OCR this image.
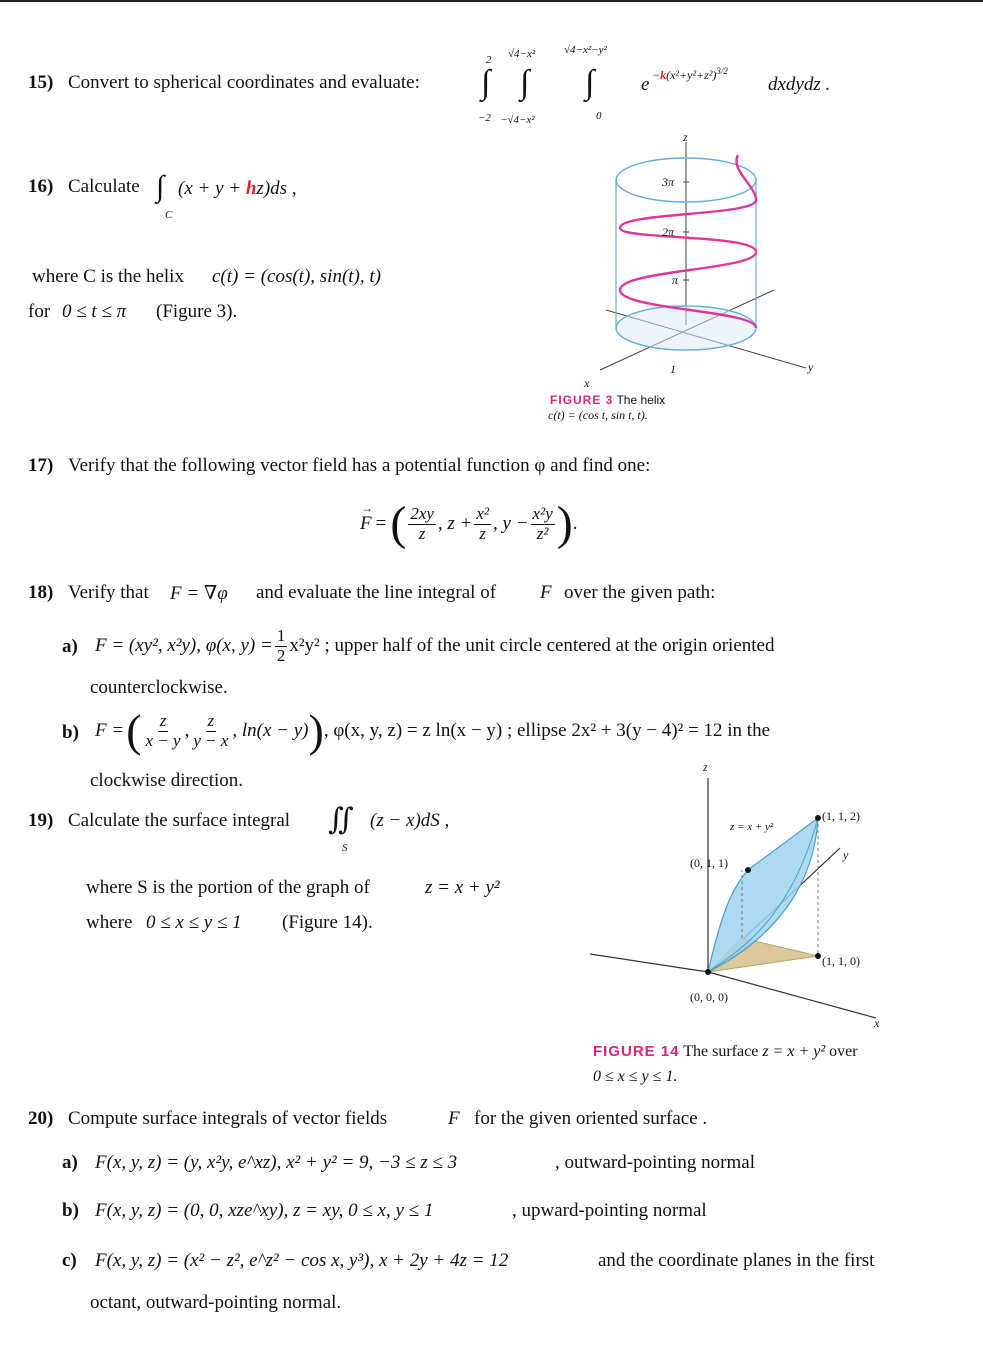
15) Convert to spherical coordinates and evaluate: ∫ ∫ ∫
2
−2
√4−x²
−√4−x²
√4−x²−y²
0
$e -k(x^2+y^2+z^2)^{3/2}$
dxdydz .
16) Calculate ∫
C
(x + y + hz)ds ,
where C is the helix c(t) = (cos(t), sin(t), t)
for 0 ≤ t ≤ π (Figure 3).
z
3π
2π
π
1	y
x
FIGURE 3 The helix
c(t) = (cos t, sin t, t).
17) Verify that the following vector field has a potential function φ and find one:
→
F = ( $\frac{2xy}{z}$ , $z + \frac{\text{x²}}{z}$ , $y - \frac{\text{x²y}}{\text{z²}}$ ) .
18) Verify that F = ∇φ and evaluate the line integral of F over the given path:
a) F = (xy², x²y), φ(x, $y) = \frac{1}{2} x^2y^2$ ; upper half of the unit circle centered at the origin oriented
counterclockwise.
b) F = ( $\frac{z}{x - y}$ , $\frac{z}{y - x}$ , ln(x − y) ) , φ(x, y, z) = z ln(x − y) ; ellipse 2x² + 3(y − 4)² = 12 in the
clockwise direction.
19) Calculate the surface integral ∬
S
(z − x)dS ,
where S is the portion of the graph of	z = x + y²
where 0 ≤ x ≤ y ≤ 1 (Figure 14).
z
z = x + y²
(1, 1, 2)
y
(0, 1, 1)
(1, 1, 0)
(0, 0, 0)
x
FIGURE 14 The surface z = x + y² over
0 ≤ x ≤ y ≤ 1.
20) Compute surface integrals of vector fields	F for the given oriented surface .
a) F(x, y, z) = (y, x²y, e^xz), x² + y² = 9, −3 ≤ z ≤ 3	, outward-pointing normal
b) F(x, y, z) = (0, 0, xze^xy), z = xy, 0 ≤ x, y ≤ 1	, upward-pointing normal
c) F(x, y, z) = (x² − z², e^z² − cos x, y³), x + 2y + 4z = 12	and the coordinate planes in the first
octant, outward-pointing normal.
